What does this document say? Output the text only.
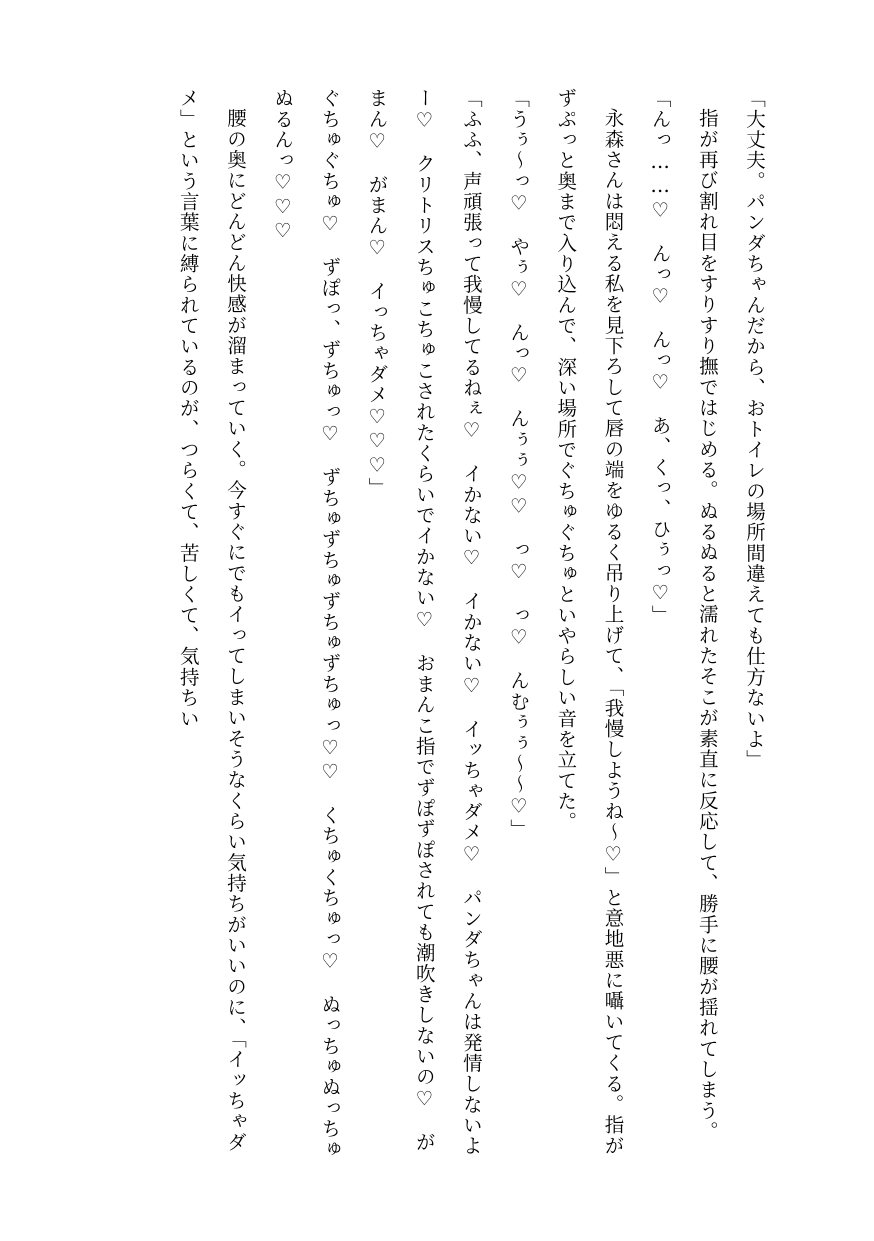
「大丈夫。パンダちゃんだから、おトイレの場所間違えても仕方ないよ」

指が再び割れ目をすりすり撫ではじめる。ぬるぬると濡れたそこが素直に反応して、勝手に腰が揺れてしまう。

「んっ……♡　んっ♡　んっ♡　あ、くっ、ひぅっ♡」

永森さんは悶える私を見下ろして唇の端をゆるく吊り上げて、「我慢しようね〜♡」と意地悪に囁いてくる。指がずぷっと奥まで入り込んで、深い場所でぐちゅぐちゅといやらしい音を立てた。

「うぅ〜っ♡　やぅ♡　んっ♡　んぅぅ♡♡　っ♡　っ♡　んむぅぅ〜〜♡」

「ふふ、声頑張って我慢してるねぇ♡　イかない♡　イかない♡　イッちゃダメ♡　パンダちゃんは発情しないよー♡　クリトリスちゅこちゅこされたくらいでイかない♡　おまんこ指でずぽずぽされても潮吹きしないの♡　がまん♡　がまん♡　イっちゃダメ♡♡♡」

ぐちゅぐちゅ♡　ずぽっ、ずちゅっ♡　ずちゅずちゅずちゅずちゅっ♡♡　くちゅくちゅっ♡　ぬっちゅぬっちゅぬるんっ♡♡♡

腰の奥にどんどん快感が溜まっていく。今すぐにでもイってしまいそうなくらい気持ちがいいのに、「イッちゃダメ」という言葉に縛られているのが、つらくて、苦しくて、気持ちい
